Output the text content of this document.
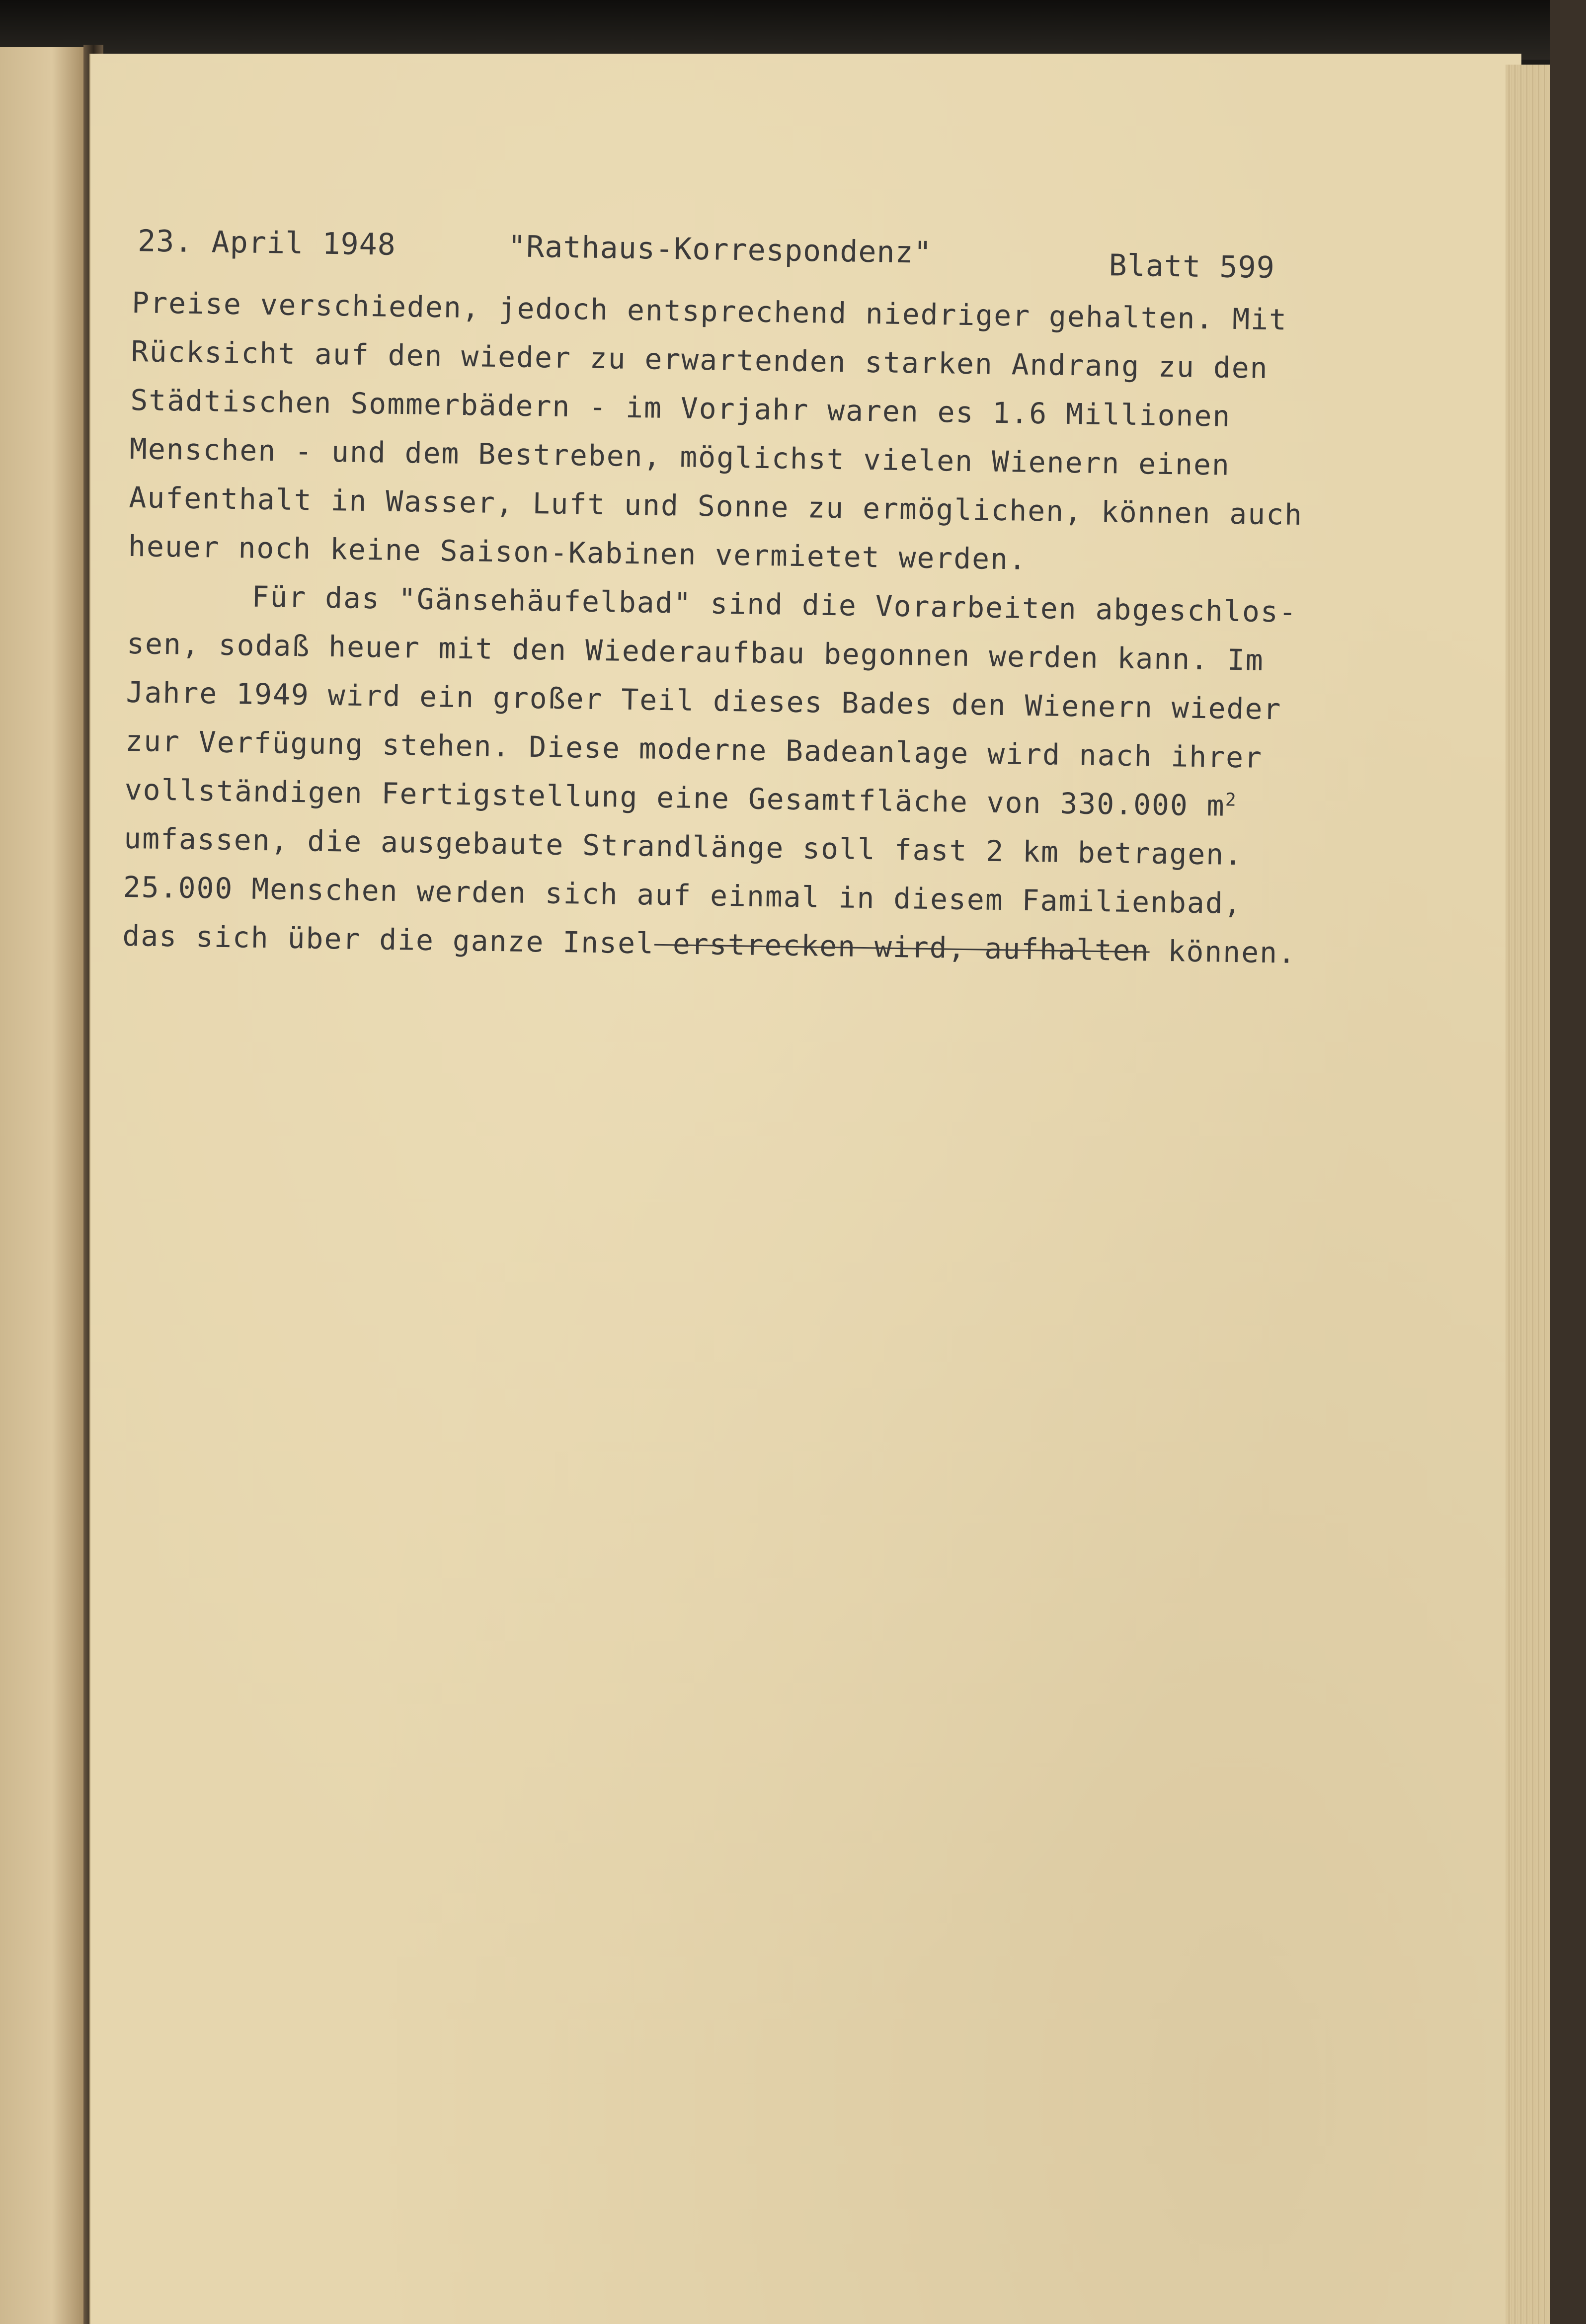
23. April 1948	"Rathaus-Korrespondenz"	Blatt 599
Preise verschieden, jedoch entsprechend niedriger gehalten. Mit
Rücksicht auf den wieder zu erwartenden starken Andrang zu den
Städtischen Sommerbädern - im Vorjahr waren es 1.6 Millionen
Menschen - und dem Bestreben, möglichst vielen Wienern einen
Aufenthalt in Wasser, Luft und Sonne zu ermöglichen, können auch
heuer noch keine Saison-Kabinen vermietet werden.
Für das "Gänsehäufelbad" sind die Vorarbeiten abgeschlos-
sen, sodaß heuer mit den Wiederaufbau begonnen werden kann. Im
Jahre 1949 wird ein großer Teil dieses Bades den Wienern wieder
zur Verfügung stehen. Diese moderne Badeanlage wird nach ihrer
vollständigen Fertigstellung eine Gesamtfläche von 330.000 $m^2$
umfassen, die ausgebaute Strandlänge soll fast 2 km betragen.
25.000 Menschen werden sich auf einmal in diesem Familienbad,
das sich über die ganze Insel erstrecken wird, aufhalten können.
